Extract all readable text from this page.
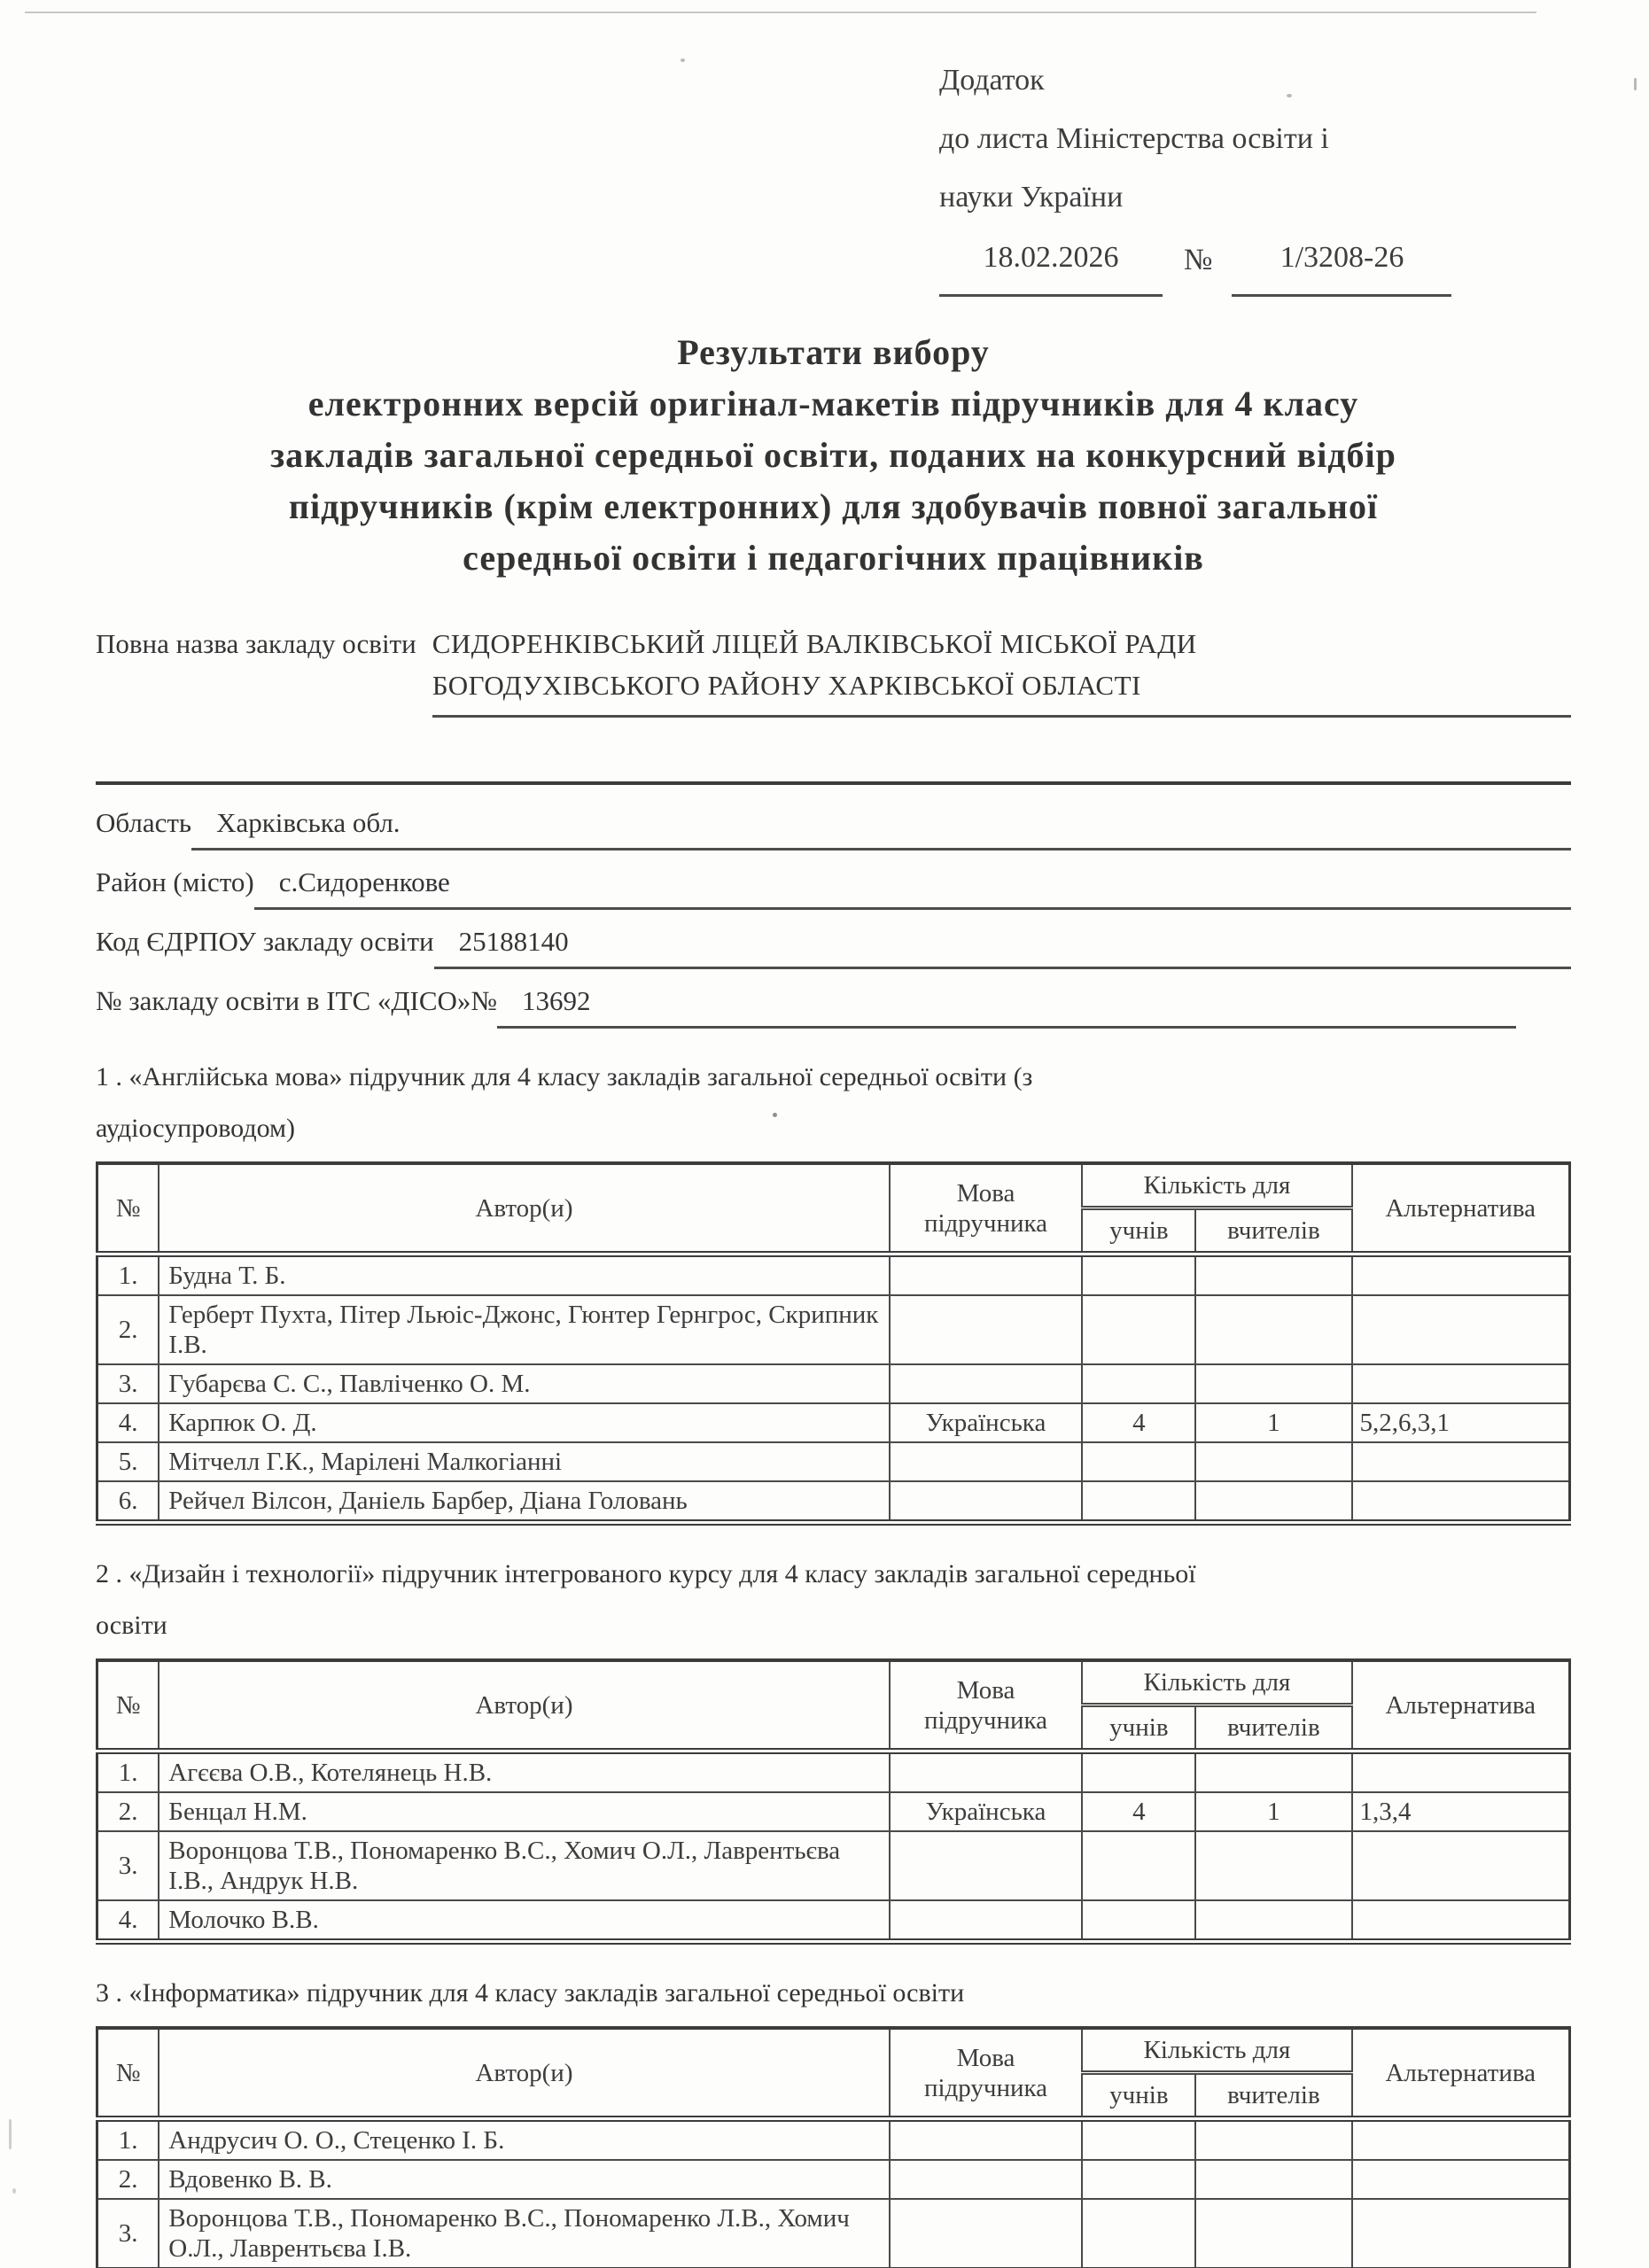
Додаток
до листа Міністерства освіти і
науки України
18.02.2026	№	1/3208-26
Результати вибору
електронних версій оригінал-макетів підручників для 4 класу
закладів загальної середньої освіти, поданих на конкурсний відбір
підручників (крім електронних) для здобувачів повної загальної
середньої освіти і педагогічних працівників
Повна назва закладу освіти СИДОРЕНКІВСЬКИЙ ЛІЦЕЙ ВАЛКІВСЬКОЇ МІСЬКОЇ РАДИ
БОГОДУХІВСЬКОГО РАЙОНУ ХАРКІВСЬКОЇ ОБЛАСТІ
Область Харківська обл.
Район (місто) с.Сидоренкове
Код ЄДРПОУ закладу освіти 25188140
№ закладу освіти в ІТС «ДІСО»№ 13692
1 . «Англійська мова» підручник для 4 класу закладів загальної середньої освіти (з
аудіосупроводом)
№	Автор(и)	Мова підручника	Кількість для		Альтернатива
			учнів	вчителів	
1.	Будна Т. Б.				
2.	Герберт Пухта, Пітер Льюіс-Джонс, Гюнтер Гернгрос, Скрипник І.В.				
3.	Губарєва С. С., Павліченко О. М.				
4.	Карпюк О. Д.	Українська	4	1	5,2,6,3,1
5.	Мітчелл Г.К., Марілені Малкогіанні				
6.	Рейчел Вілсон, Даніель Барбер, Діана Головань				
2 . «Дизайн і технології» підручник інтегрованого курсу для 4 класу закладів загальної середньої
освіти
№	Автор(и)	Мова підручника	Кількість для		Альтернатива
			учнів	вчителів	
1.	Агєєва О.В., Котелянець Н.В.				
2.	Бенцал Н.М.	Українська	4	1	1,3,4
3.	Воронцова Т.В., Пономаренко В.С., Хомич О.Л., Лаврентьєва І.В., Андрук Н.В.				
4.	Молочко В.В.				
3 . «Інформатика» підручник для 4 класу закладів загальної середньої освіти
№	Автор(и)	Мова підручника	Кількість для		Альтернатива
			учнів	вчителів	
1.	Андрусич О. О., Стеценко І. Б.				
2.	Вдовенко В. В.				
3.	Воронцова Т.В., Пономаренко В.С., Пономаренко Л.В., Хомич О.Л., Лаврентьєва І.В.				
